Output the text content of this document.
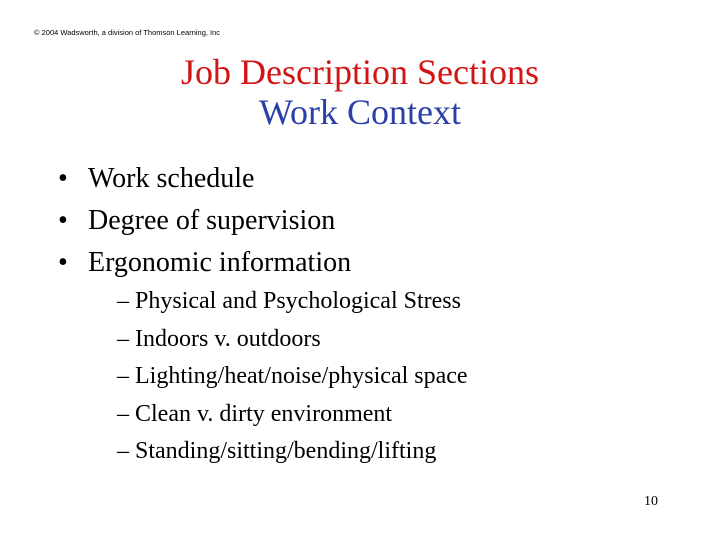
© 2004 Wadsworth, a division of Thomson Learning, Inc
Job Description Sections
Work Context
• Work schedule
• Degree of supervision
• Ergonomic information
– Physical and Psychological Stress
– Indoors v. outdoors
– Lighting/heat/noise/physical space
– Clean v. dirty environment
– Standing/sitting/bending/lifting
10
